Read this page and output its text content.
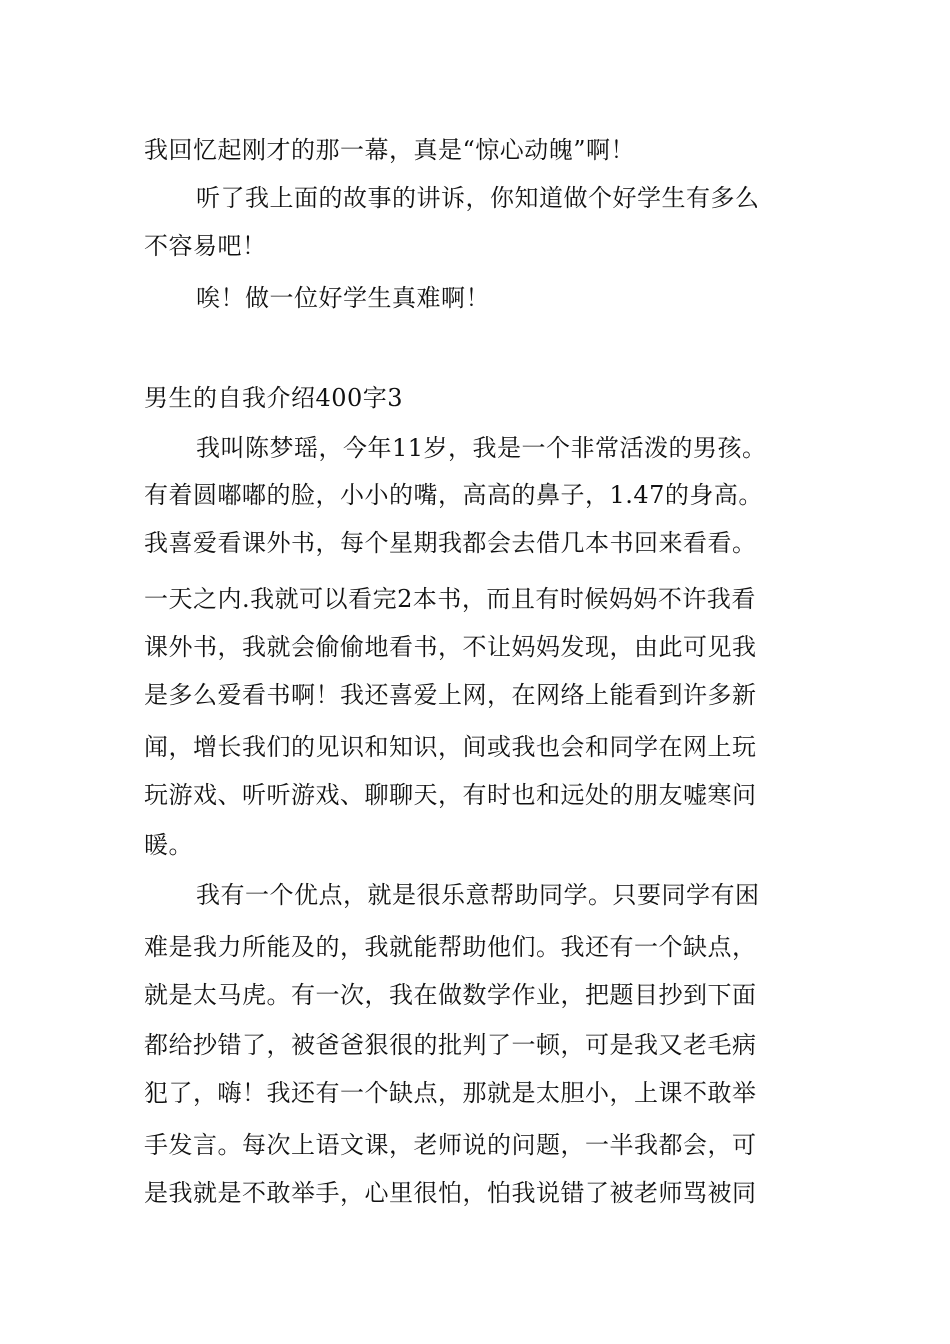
我回忆起刚才的那一幕，真是“惊心动魄”啊！
听了我上面的故事的讲诉，你知道做个好学生有多么
不容易吧！
唉！做一位好学生真难啊！
男生的自我介绍400字3
我叫陈梦瑶，今年11岁，我是一个非常活泼的男孩。
有着圆嘟嘟的脸，小小的嘴，高高的鼻子，1.47的身高。
我喜爱看课外书，每个星期我都会去借几本书回来看看。
一天之内.我就可以看完2本书，而且有时候妈妈不许我看
课外书，我就会偷偷地看书，不让妈妈发现，由此可见我
是多么爱看书啊！我还喜爱上网，在网络上能看到许多新
闻，增长我们的见识和知识，间或我也会和同学在网上玩
玩游戏、听听游戏、聊聊天，有时也和远处的朋友嘘寒问
暖。
我有一个优点，就是很乐意帮助同学。只要同学有困
难是我力所能及的，我就能帮助他们。我还有一个缺点，
就是太马虎。有一次，我在做数学作业，把题目抄到下面
都给抄错了，被爸爸狠很的批判了一顿，可是我又老毛病
犯了，嗨！我还有一个缺点，那就是太胆小，上课不敢举
手发言。每次上语文课，老师说的问题，一半我都会，可
是我就是不敢举手，心里很怕，怕我说错了被老师骂被同
